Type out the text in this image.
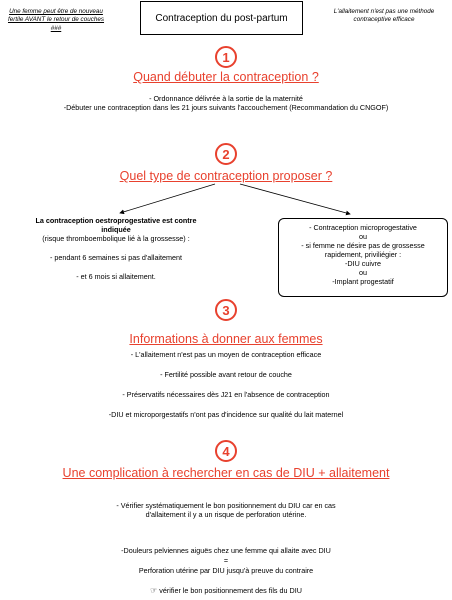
Une femme peut être de nouveau
fertile AVANT le retour de couches
###
Contraception du post-partum
L'allaitement n'est pas une méthode
contraceptive efficace
1
Quand débuter la contraception ?
- Ordonnance délivrée à la sortie de la maternité
-Débuter une contraception dans les 21 jours suivants l'accouchement (Recommandation du CNGOF)
2
Quel type de contraception proposer ?
La contraception oestroprogestative est contre
indiquée
(risque thromboembolique lié à la grossesse) :
- pendant 6 semaines si pas d'allaitement
- et 6 mois si allaitement.
- Contraception microprogestative
ou
- si femme ne désire pas de grossesse
rapidement, priviliégier :
-DIU cuivre
ou
-Implant progestatif
3
Informations à donner aux femmes
- L'allaitement n'est pas un moyen de contraception efficace
- Fertilité possible avant retour de couche
- Préservatifs nécessaires dès J21 en l'absence de contraception
-DIU et microporgestatifs n'ont pas d'incidence sur qualité du lait maternel
4
Une complication à rechercher en cas de DIU + allaitement
- Vérifier systématiquement le bon positionnement du DIU car en cas
d'allaitement il y a un risque de perforation utérine.
-Douleurs pelviennes aiguës chez une femme qui allaite avec DIU
=
Perforation utérine par DIU jusqu'à preuve du contraire
☞ vérifier le bon positionnement des fils du DIU
